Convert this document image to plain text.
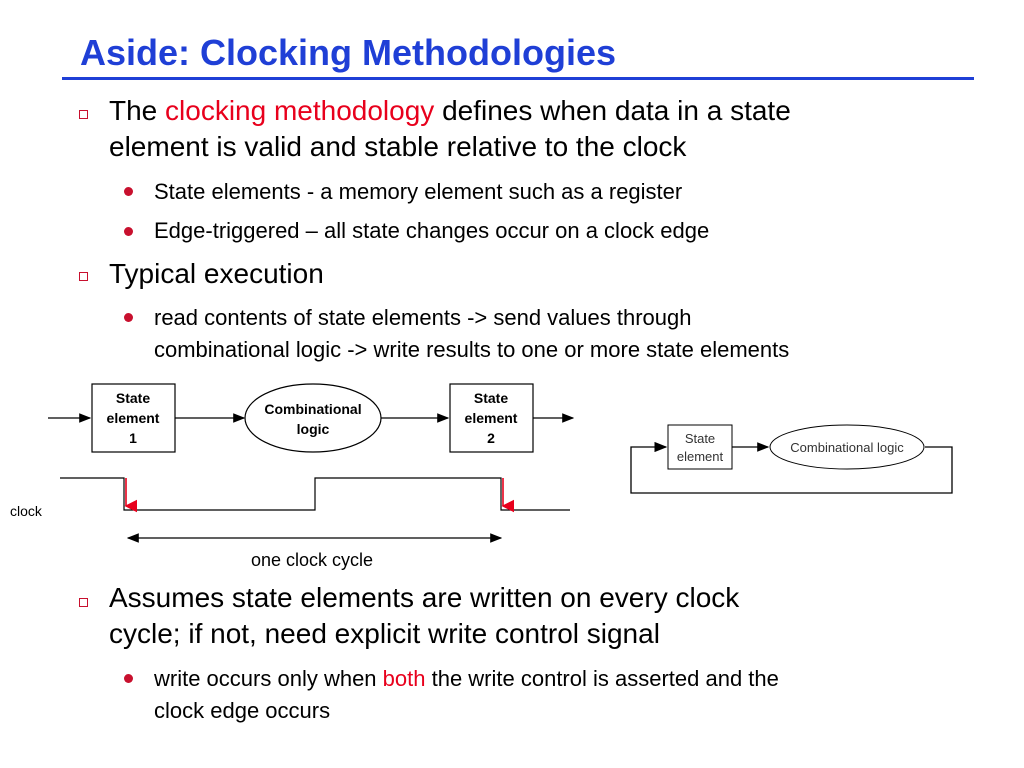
Aside: Clocking Methodologies
The clocking methodology defines when data in a state
element is valid and stable relative to the clock
State elements - a memory element such as a register
Edge-triggered – all state changes occur on a clock edge
Typical execution
read contents of state elements -> send values through
combinational logic -> write results to one or more state elements
State
element
1
Combinational
logic
State
element
2
clock
one clock cycle
State
element
Combinational logic
Assumes state elements are written on every clock
cycle; if not, need explicit write control signal
write occurs only when both the write control is asserted and the
clock edge occurs
